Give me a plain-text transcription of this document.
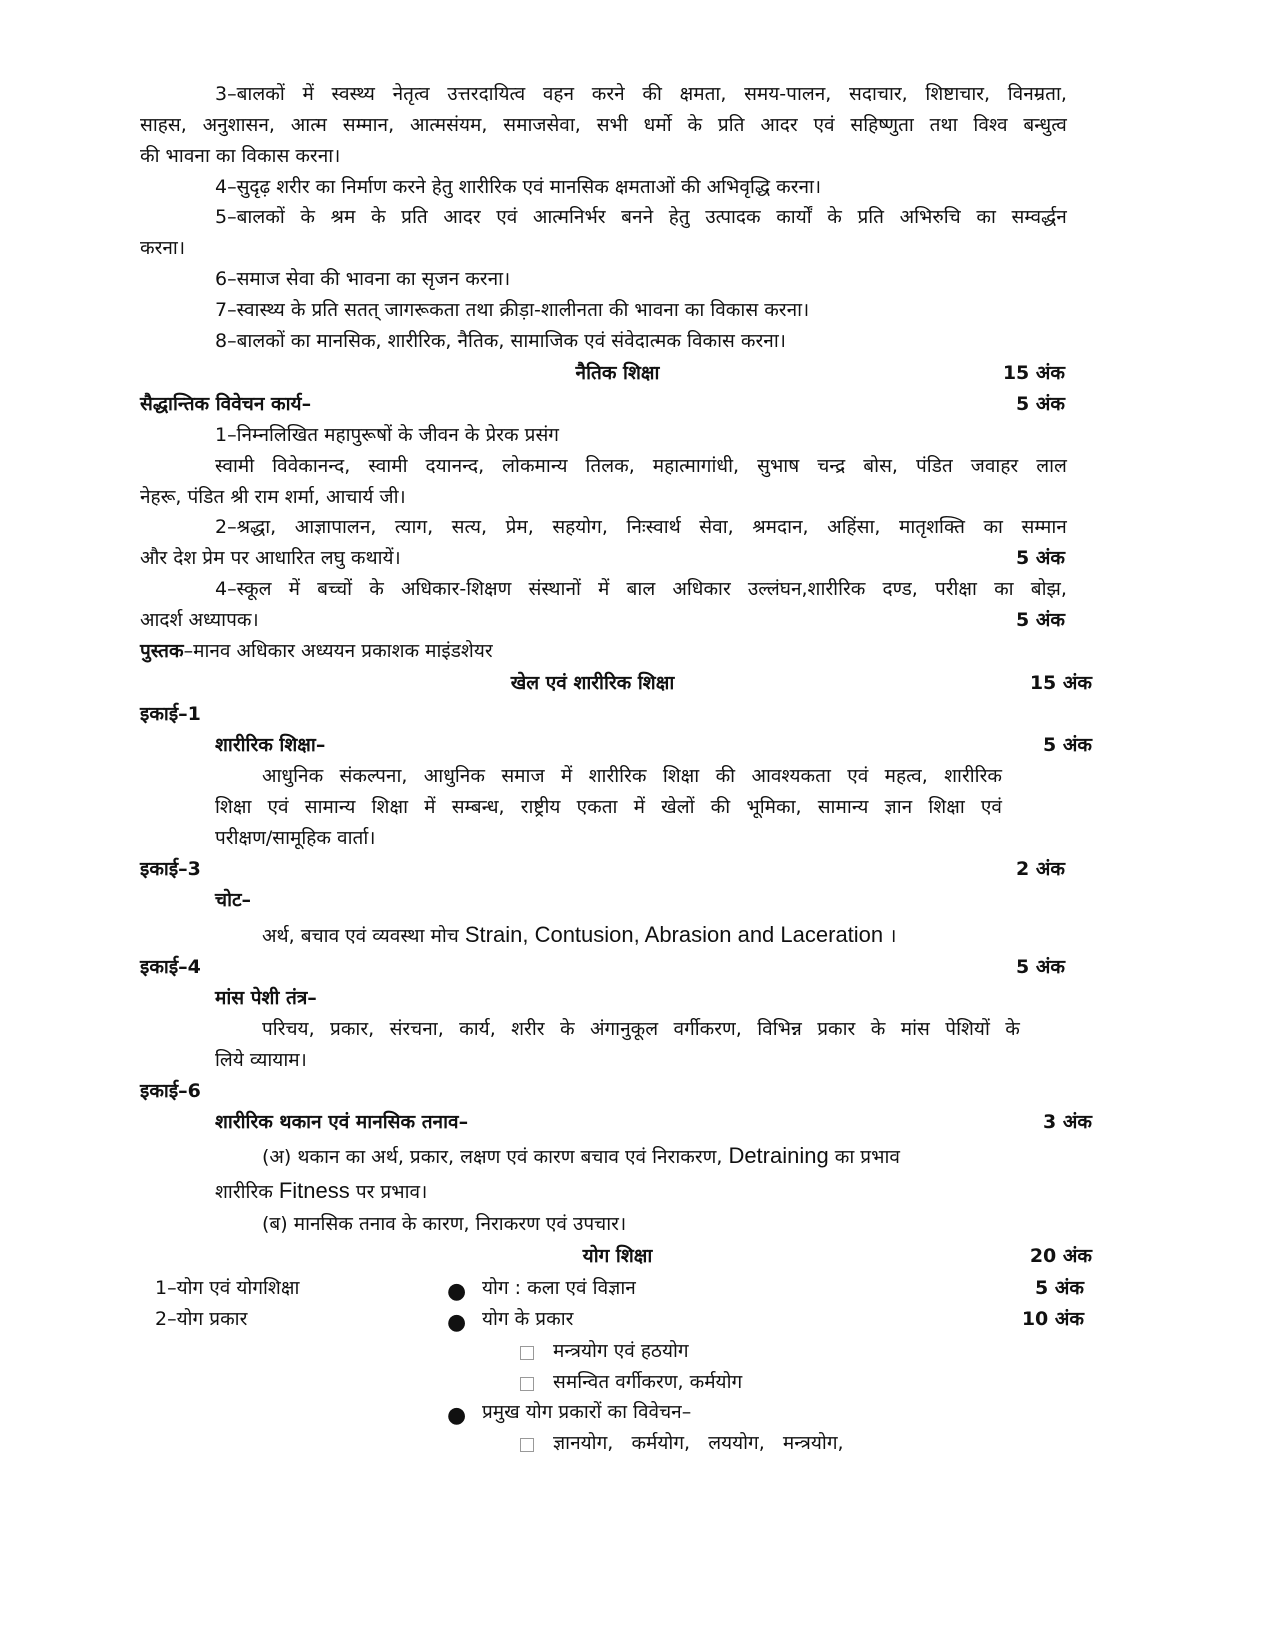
3–बालकों में स्वस्थ्य नेतृत्व उत्तरदायित्व वहन करने की क्षमता, समय-पालन, सदाचार, शिष्टाचार, विनम्रता,
साहस, अनुशासन, आत्म सम्मान, आत्मसंयम, समाजसेवा, सभी धर्मो के प्रति आदर एवं सहिष्णुता तथा विश्व बन्धुत्व
की भावना का विकास करना।
4–सुदृढ़ शरीर का निर्माण करने हेतु शारीरिक एवं मानसिक क्षमताओं की अभिवृद्धि करना।
5–बालकों के श्रम के प्रति आदर एवं आत्मनिर्भर बनने हेतु उत्पादक कार्यों के प्रति अभिरुचि का सम्वर्द्धन
करना।
6–समाज सेवा की भावना का सृजन करना।
7–स्वास्थ्य के प्रति सतत् जागरूकता तथा क्रीड़ा-शालीनता की भावना का विकास करना।
8–बालकों का मानसिक, शारीरिक, नैतिक, सामाजिक एवं संवेदात्मक विकास करना।
नैतिक शिक्षा	15 अंक
सैद्धान्तिक विवेचन कार्य–	5 अंक
1–निम्नलिखित महापुरूषों के जीवन के प्रेरक प्रसंग
स्वामी विवेकानन्द, स्वामी दयानन्द, लोकमान्य तिलक, महात्मागांधी, सुभाष चन्द्र बोस, पंडित जवाहर लाल
नेहरू, पंडित श्री राम शर्मा, आचार्य जी।
2–श्रद्धा, आज्ञापालन, त्याग, सत्य, प्रेम, सहयोग, निःस्वार्थ सेवा, श्रमदान, अहिंसा, मातृशक्ति का सम्मान
और देश प्रेम पर आधारित लघु कथायें।	5 अंक
4–स्कूल में बच्चों के अधिकार-शिक्षण संस्थानों में बाल अधिकार उल्लंघन,शारीरिक दण्ड, परीक्षा का बोझ,
आदर्श अध्यापक।	5 अंक
पुस्तक–मानव अधिकार अध्ययन प्रकाशक माइंडशेयर
खेल एवं शारीरिक शिक्षा	15 अंक
इकाई–1
शारीरिक शिक्षा–	5 अंक
आधुनिक संकल्पना, आधुनिक समाज में शारीरिक शिक्षा की आवश्यकता एवं महत्व, शारीरिक
शिक्षा एवं सामान्य शिक्षा में सम्बन्ध, राष्ट्रीय एकता में खेलों की भूमिका, सामान्य ज्ञान शिक्षा एवं
परीक्षण/सामूहिक वार्ता।
इकाई–3	2 अंक
चोट–
अर्थ, बचाव एवं व्यवस्था मोच Strain, Contusion, Abrasion and Laceration ।
इकाई–4	5 अंक
मांस पेशी तंत्र–
परिचय, प्रकार, संरचना, कार्य, शरीर के अंगानुकूल वर्गीकरण, विभिन्न प्रकार के मांस पेशियों के
लिये व्यायाम।
इकाई–6
शारीरिक थकान एवं मानसिक तनाव–	3 अंक
(अ) थकान का अर्थ, प्रकार, लक्षण एवं कारण बचाव एवं निराकरण, Detraining का प्रभाव
शारीरिक Fitness पर प्रभाव।
(ब) मानसिक तनाव के कारण, निराकरण एवं उपचार।
योग शिक्षा	20 अंक
1–योग एवं योगशिक्षा	● योग : कला एवं विज्ञान	5 अंक
2–योग प्रकार	● योग के प्रकार	10 अंक
मन्त्रयोग एवं हठयोग
समन्वित वर्गीकरण, कर्मयोग
● प्रमुख योग प्रकारों का विवेचन–
ज्ञानयोग,   कर्मयोग,   लययोग,   मन्त्रयोग,
